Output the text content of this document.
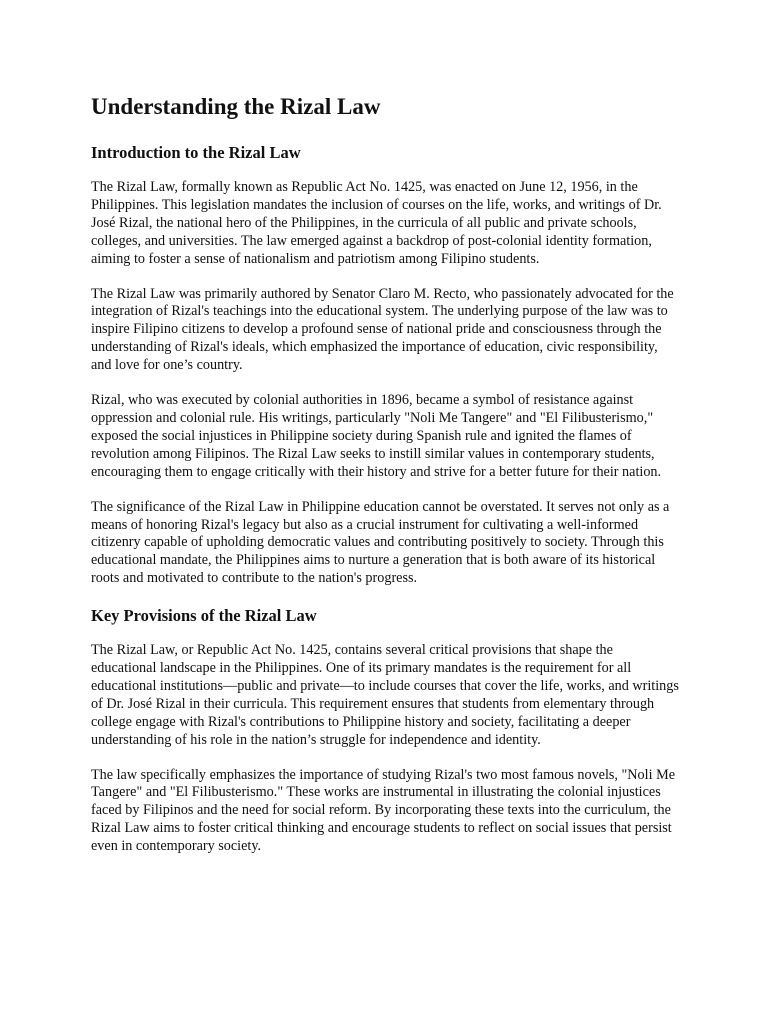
Understanding the Rizal Law
Introduction to the Rizal Law

The Rizal Law, formally known as Republic Act No. 1425, was enacted on June 12, 1956, in the Philippines. This legislation mandates the inclusion of courses on the life, works, and writings of Dr. José Rizal, the national hero of the Philippines, in the curricula of all public and private schools, colleges, and universities. The law emerged against a backdrop of post-colonial identity formation, aiming to foster a sense of nationalism and patriotism among Filipino students.

The Rizal Law was primarily authored by Senator Claro M. Recto, who passionately advocated for the integration of Rizal's teachings into the educational system. The underlying purpose of the law was to inspire Filipino citizens to develop a profound sense of national pride and consciousness through the understanding of Rizal's ideals, which emphasized the importance of education, civic responsibility, and love for one’s country.

Rizal, who was executed by colonial authorities in 1896, became a symbol of resistance against oppression and colonial rule. His writings, particularly "Noli Me Tangere" and "El Filibusterismo," exposed the social injustices in Philippine society during Spanish rule and ignited the flames of revolution among Filipinos. The Rizal Law seeks to instill similar values in contemporary students, encouraging them to engage critically with their history and strive for a better future for their nation.

The significance of the Rizal Law in Philippine education cannot be overstated. It serves not only as a means of honoring Rizal's legacy but also as a crucial instrument for cultivating a well-informed citizenry capable of upholding democratic values and contributing positively to society. Through this educational mandate, the Philippines aims to nurture a generation that is both aware of its historical roots and motivated to contribute to the nation's progress.

Key Provisions of the Rizal Law

The Rizal Law, or Republic Act No. 1425, contains several critical provisions that shape the educational landscape in the Philippines. One of its primary mandates is the requirement for all educational institutions—public and private—to include courses that cover the life, works, and writings of Dr. José Rizal in their curricula. This requirement ensures that students from elementary through college engage with Rizal's contributions to Philippine history and society, facilitating a deeper understanding of his role in the nation’s struggle for independence and identity.

The law specifically emphasizes the importance of studying Rizal's two most famous novels, "Noli Me Tangere" and "El Filibusterismo." These works are instrumental in illustrating the colonial injustices faced by Filipinos and the need for social reform. By incorporating these texts into the curriculum, the Rizal Law aims to foster critical thinking and encourage students to reflect on social issues that persist even in contemporary society.
